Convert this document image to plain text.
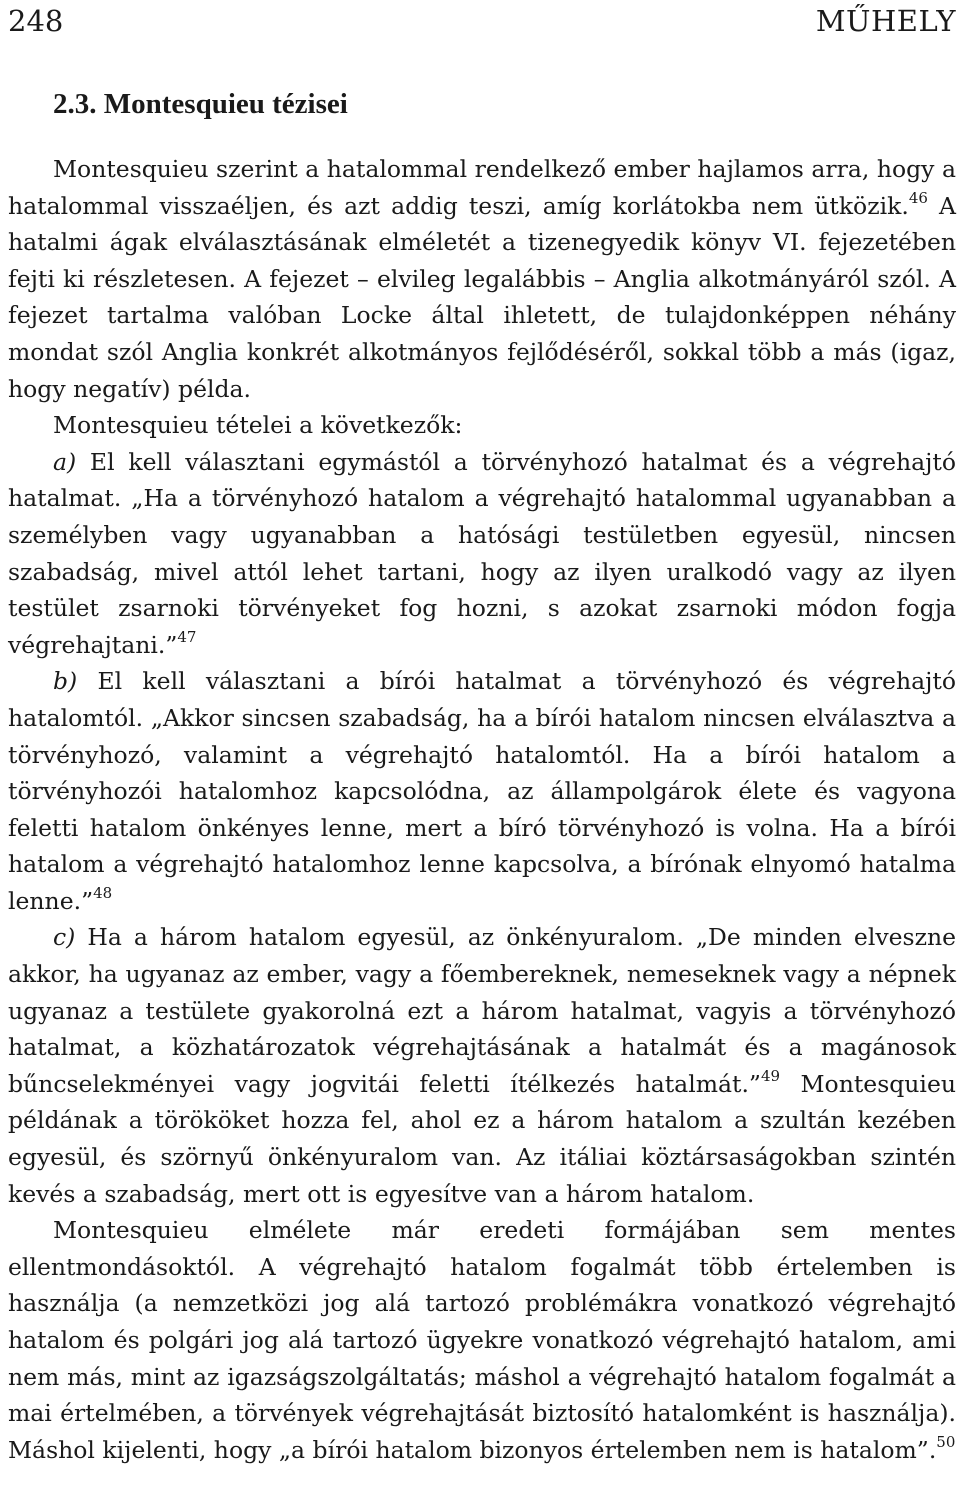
248	MŰHELY
2.3. Montesquieu tézisei

Montesquieu szerint a hatalommal rendelkező ember hajlamos arra, hogy a hatalommal visszaéljen, és azt addig teszi, amíg korlátokba nem ütközik.$^{46}$ A hatalmi ágak elválasztásának elméletét a tizenegyedik könyv VI. fejezetében fejti ki részletesen. A fejezet – elvileg legalábbis – Anglia alkotmányáról szól. A fejezet tartalma valóban Locke által ihletett, de tulajdonképpen néhány mondat szól Anglia konkrét alkotmányos fejlődéséről, sokkal több a más (igaz, hogy negatív) példa.

Montesquieu tételei a következők:

a) El kell választani egymástól a törvényhozó hatalmat és a végrehajtó hatalmat. „Ha a törvényhozó hatalom a végrehajtó hatalommal ugyanabban a személyben vagy ugyanabban a hatósági testületben egyesül, nincsen szabadság, mivel attól lehet tartani, hogy az ilyen uralkodó vagy az ilyen testület zsarnoki törvényeket fog hozni, s azokat zsarnoki módon fogja végrehajtani.”$^{47}$

b) El kell választani a bírói hatalmat a törvényhozó és végrehajtó hatalomtól. „Akkor sincsen szabadság, ha a bírói hatalom nincsen elválasztva a törvényhozó, valamint a végrehajtó hatalomtól. Ha a bírói hatalom a törvényhozói hatalomhoz kapcsolódna, az állampolgárok élete és vagyona feletti hatalom önkényes lenne, mert a bíró törvényhozó is volna. Ha a bírói hatalom a végrehajtó hatalomhoz lenne kapcsolva, a bírónak elnyomó hatalma lenne.”$^{48}$

c) Ha a három hatalom egyesül, az önkényuralom. „De minden elveszne akkor, ha ugyanaz az ember, vagy a főembereknek, nemeseknek vagy a népnek ugyanaz a testülete gyakorolná ezt a három hatalmat, vagyis a törvényhozó hatalmat, a közhatározatok végrehajtásának a hatalmát és a magánosok bűncselekményei vagy jogvitái feletti ítélkezés hatalmát.”$^{49}$ Montesquieu példának a törököket hozza fel, ahol ez a három hatalom a szultán kezében egyesül, és szörnyű önkényuralom van. Az itáliai köztársaságokban szintén kevés a szabadság, mert ott is egyesítve van a három hatalom.

Montesquieu elmélete már eredeti formájában sem mentes ellentmondásoktól. A végrehajtó hatalom fogalmát több értelemben is használja (a nemzetközi jog alá tartozó problémákra vonatkozó végrehajtó hatalom és polgári jog alá tartozó ügyekre vonatkozó végrehajtó hatalom, ami nem más, mint az igazságszolgáltatás; máshol a végrehajtó hatalom fogalmát a mai értelmében, a törvények végrehajtását biztosító hatalomként is használja). Máshol kijelenti, hogy „a bírói hatalom bizonyos értelemben nem is hatalom”.$^{50}$
